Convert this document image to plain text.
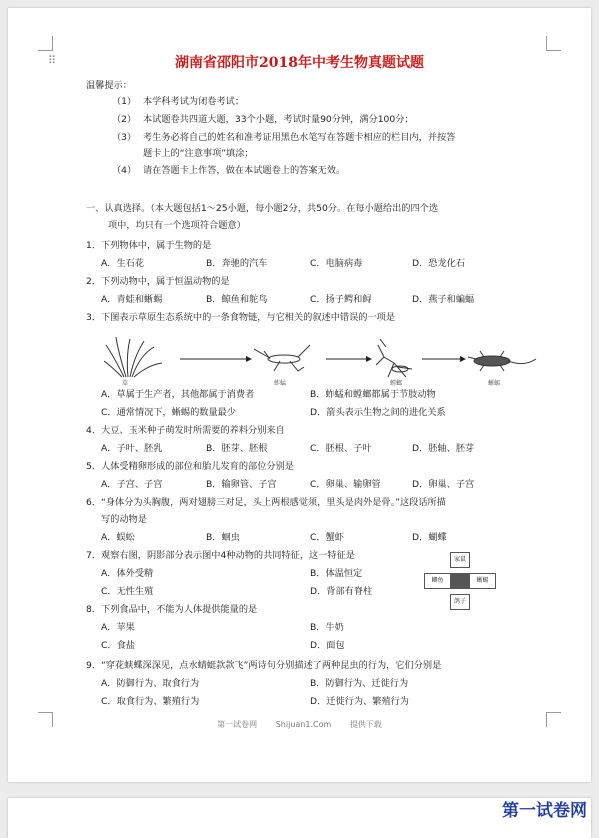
⠿	湖南省邵阳市2018年中考生物真题试题
温馨提示：
（1） 本学科考试为闭卷考试；
（2） 本试题卷共四道大题，33个小题，考试时量90分钟，满分100分；
（3） 考生务必将自己的姓名和准考证用黑色水笔写在答题卡相应的栏目内，并按答
题卡上的“注意事项”填涂；
（4） 请在答题卡上作答，做在本试题卷上的答案无效。
一、认真选择。（本大题包括1～25小题，每小题2分，共50分。在每小题给出的四个选
项中，均只有一个选项符合题意）
1．下列物体中，属于生物的是
A．生石花	B．奔驰的汽车	C．电脑病毒	D．恐龙化石
2．下列动物中，属于恒温动物的是
A．青蛙和蜥蜴	B．鲸鱼和鸵鸟	C．扬子鳄和鲟	D．燕子和蝙蝠
3．下图表示草原生态系统中的一条食物链，与它相关的叙述中错误的一项是
草	蚱蜢	螳螂	蜥蜴
A．草属于生产者，其他都属于消费者	B．蚱蜢和螳螂都属于节肢动物
C．通常情况下，蜥蜴的数量最少	D．箭头表示生物之间的进化关系
4．大豆、玉米种子萌发时所需要的养料分别来自
A．子叶、胚乳	B．胚芽、胚根	C．胚根、子叶	D．胚轴、胚芽
5．人体受精卵形成的部位和胎儿发育的部位分别是
A．子宫、子宫	B．输卵管、子宫	C．卵巢、输卵管	D．卵巢、子宫
6．“身体分为头胸腹，两对翅膀三对足，头上两根感觉须，里头是肉外是骨。”这段话所描
写的动物是
A．蜈蚣	B．蛔虫	C．蟹虾	D．蝴蝶
7．观察右图，阴影部分表示图中4种动物的共同特征，这一特征是
A．体外受精	B．体温恒定
C．无性生殖	D．背部有脊柱
家鼠
鲫鱼	蜥蜴
鸽子
8．下列食品中，不能为人体提供能量的是
A．苹果	B．牛奶
C．食盐	D．面包
9．“穿花蛱蝶深深见，点水蜻蜓款款飞”两诗句分别描述了两种昆虫的行为，它们分别是
A．防御行为、取食行为	B．防御行为、迁徙行为
C．取食行为、繁殖行为	D．迁徙行为、繁殖行为
第一试卷网 Shijuan1.Com 提供下载
第一试卷网
